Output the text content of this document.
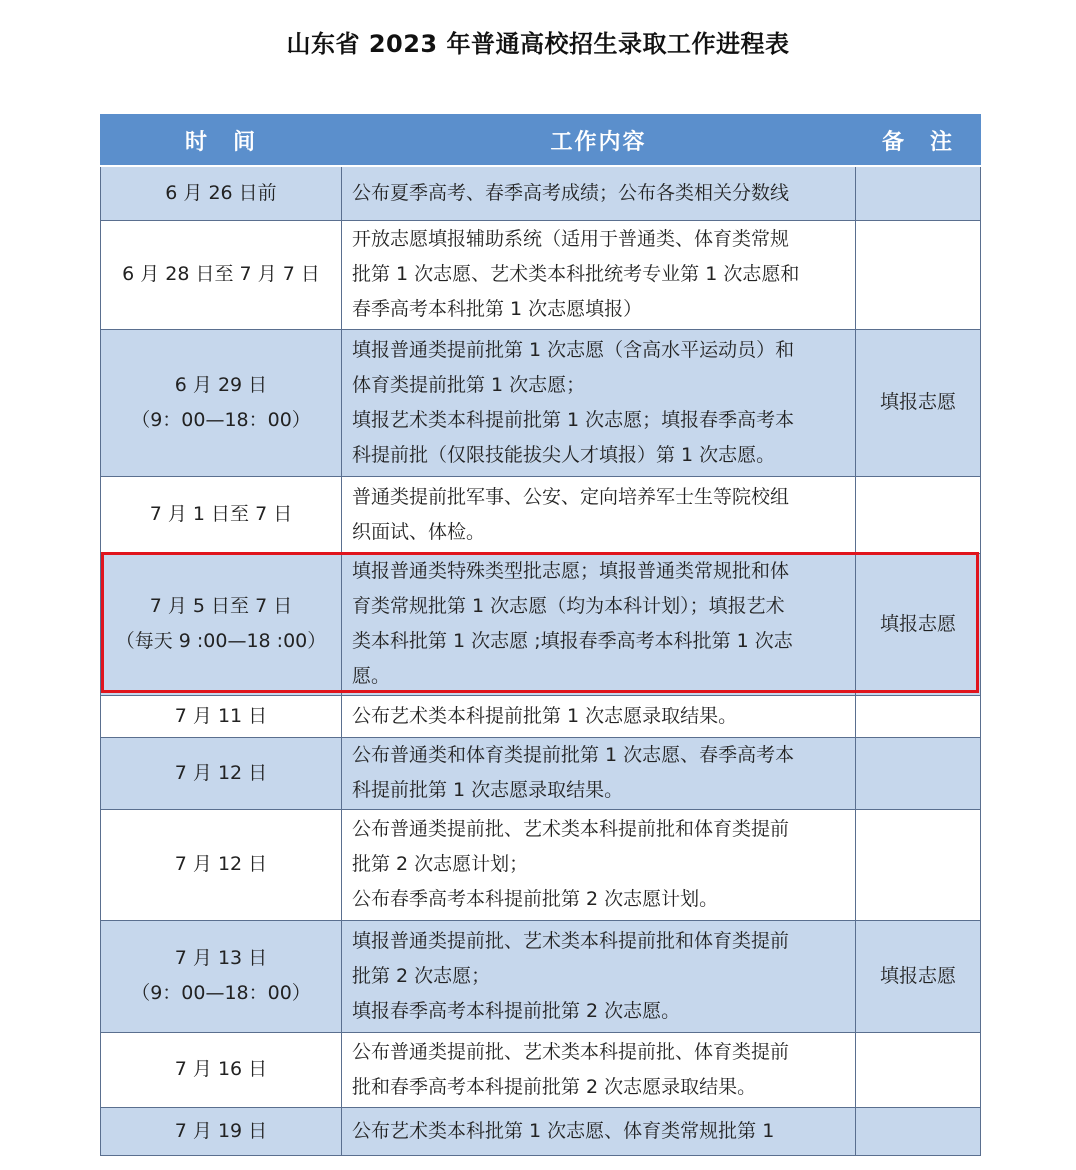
山东省 2023 年普通高校招生录取工作进程表
时　间	工作内容	备　注

6 月 26 日前	公布夏季高考、春季高考成绩；公布各类相关分数线	

6 月 28 日至 7 月 7 日	开放志愿填报辅助系统（适用于普通类、体育类常规
批第 1 次志愿、艺术类本科批统考专业第 1 次志愿和
春季高考本科批第 1 次志愿填报）	

6 月 29 日
（9：00—18：00）	填报普通类提前批第 1 次志愿（含高水平运动员）和
体育类提前批第 1 次志愿；
填报艺术类本科提前批第 1 次志愿；填报春季高考本
科提前批（仅限技能拔尖人才填报）第 1 次志愿。	填报志愿

7 月 1 日至 7 日	普通类提前批军事、公安、定向培养军士生等院校组
织面试、体检。	

7 月 5 日至 7 日
（每天 9 :00—18 :00）	填报普通类特殊类型批志愿；填报普通类常规批和体
育类常规批第 1 次志愿（均为本科计划）；填报艺术
类本科批第 1 次志愿 ;填报春季高考本科批第 1 次志
愿。	填报志愿

7 月 11 日	公布艺术类本科提前批第 1 次志愿录取结果。	

7 月 12 日	公布普通类和体育类提前批第 1 次志愿、春季高考本
科提前批第 1 次志愿录取结果。	

7 月 12 日	公布普通类提前批、艺术类本科提前批和体育类提前
批第 2 次志愿计划；
公布春季高考本科提前批第 2 次志愿计划。	

7 月 13 日
（9：00—18：00）	填报普通类提前批、艺术类本科提前批和体育类提前
批第 2 次志愿；
填报春季高考本科提前批第 2 次志愿。	填报志愿

7 月 16 日	公布普通类提前批、艺术类本科提前批、体育类提前
批和春季高考本科提前批第 2 次志愿录取结果。	

7 月 19 日	公布艺术类本科批第 1 次志愿、体育类常规批第 1	
